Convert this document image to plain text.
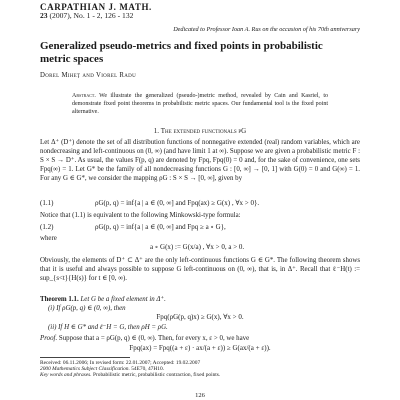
CARPATHIAN J. MATH.
23 (2007), No. 1 - 2, 126 - 132
Dedicated to Professor Ioan A. Rus on the occasion of his 70th anniversary
Generalized pseudo-metrics and fixed points in probabilistic metric spaces
Dorel Miheţ and Viorel Radu
Abstract. We illustrate the generalized (pseudo-)metric method, revealed by Cain and Kasriel, to demonstrate fixed point theorems in probabilistic metric spaces. Our fundamental tool is the fixed point alternative.
1. The extended functionals ρG
Let Δ⁺ (D⁺) denote the set of all distribution functions of nonnegative extended (real) random variables, which are nondecreasing and left-continuous on (0, ∞) (and have limit 1 at ∞). Suppose we are given a probabilistic metric F : S × S → D⁺. As usual, the values F(p, q) are denoted by Fpq, Fpq(0) = 0 and, for the sake of convenience, one sets Fpq(∞) = 1. Let G* be the family of all nondecreasing functions G : [0, ∞] → [0, 1] with G(0) = 0 and G(∞) = 1. For any G ∈ G*, we consider the mapping ρG : S × S → [0, ∞], given by
(1.1)	ρG(p, q) = inf{a | a ∈ (0, ∞] and Fpq(ax) ≥ G(x) , ∀x > 0}.
Notice that (1.1) is equivalent to the following Minkowski-type formula:
(1.2)	ρG(p, q) = inf{a | a ∈ (0, ∞] and Fpq ≥ a ∘ G},
where
a ∘ G(x) := G(x/a) , ∀x > 0, a > 0.
Obviously, the elements of D⁺ ⊂ Δ⁺ are the only left-continuous functions G ∈ G*. The following theorem shows that it is useful and always possible to suppose G left-continuous on (0, ∞), that is, in Δ⁺. Recall that ℓ⁻H(t) := sup_{s<t}{H(s)} for t ∈ [0, ∞).
Theorem 1.1. Let G be a fixed element in Δ⁺.
(i) If ρG(p, q) ∈ (0, ∞), then
Fpq(ρG(p, q)x) ≥ G(x), ∀x > 0.
(ii) If H ∈ G* and ℓ⁻H = G, then ρH = ρG.
Proof. Suppose that a = ρG(p, q) ∈ (0, ∞). Then, for every x, ε > 0, we have
Fpq(ax) = Fpq((a + ε) · ax/(a + ε)) ≥ G(ax/(a + ε)).
Received: 06.11.2006; In revised form: 22.01.2007; Accepted: 19.02.2007
2000 Mathematics Subject Classification. 54E70, 47H10.
Key words and phrases. Probabilistic metric, probabilistic contraction, fixed points.
126
